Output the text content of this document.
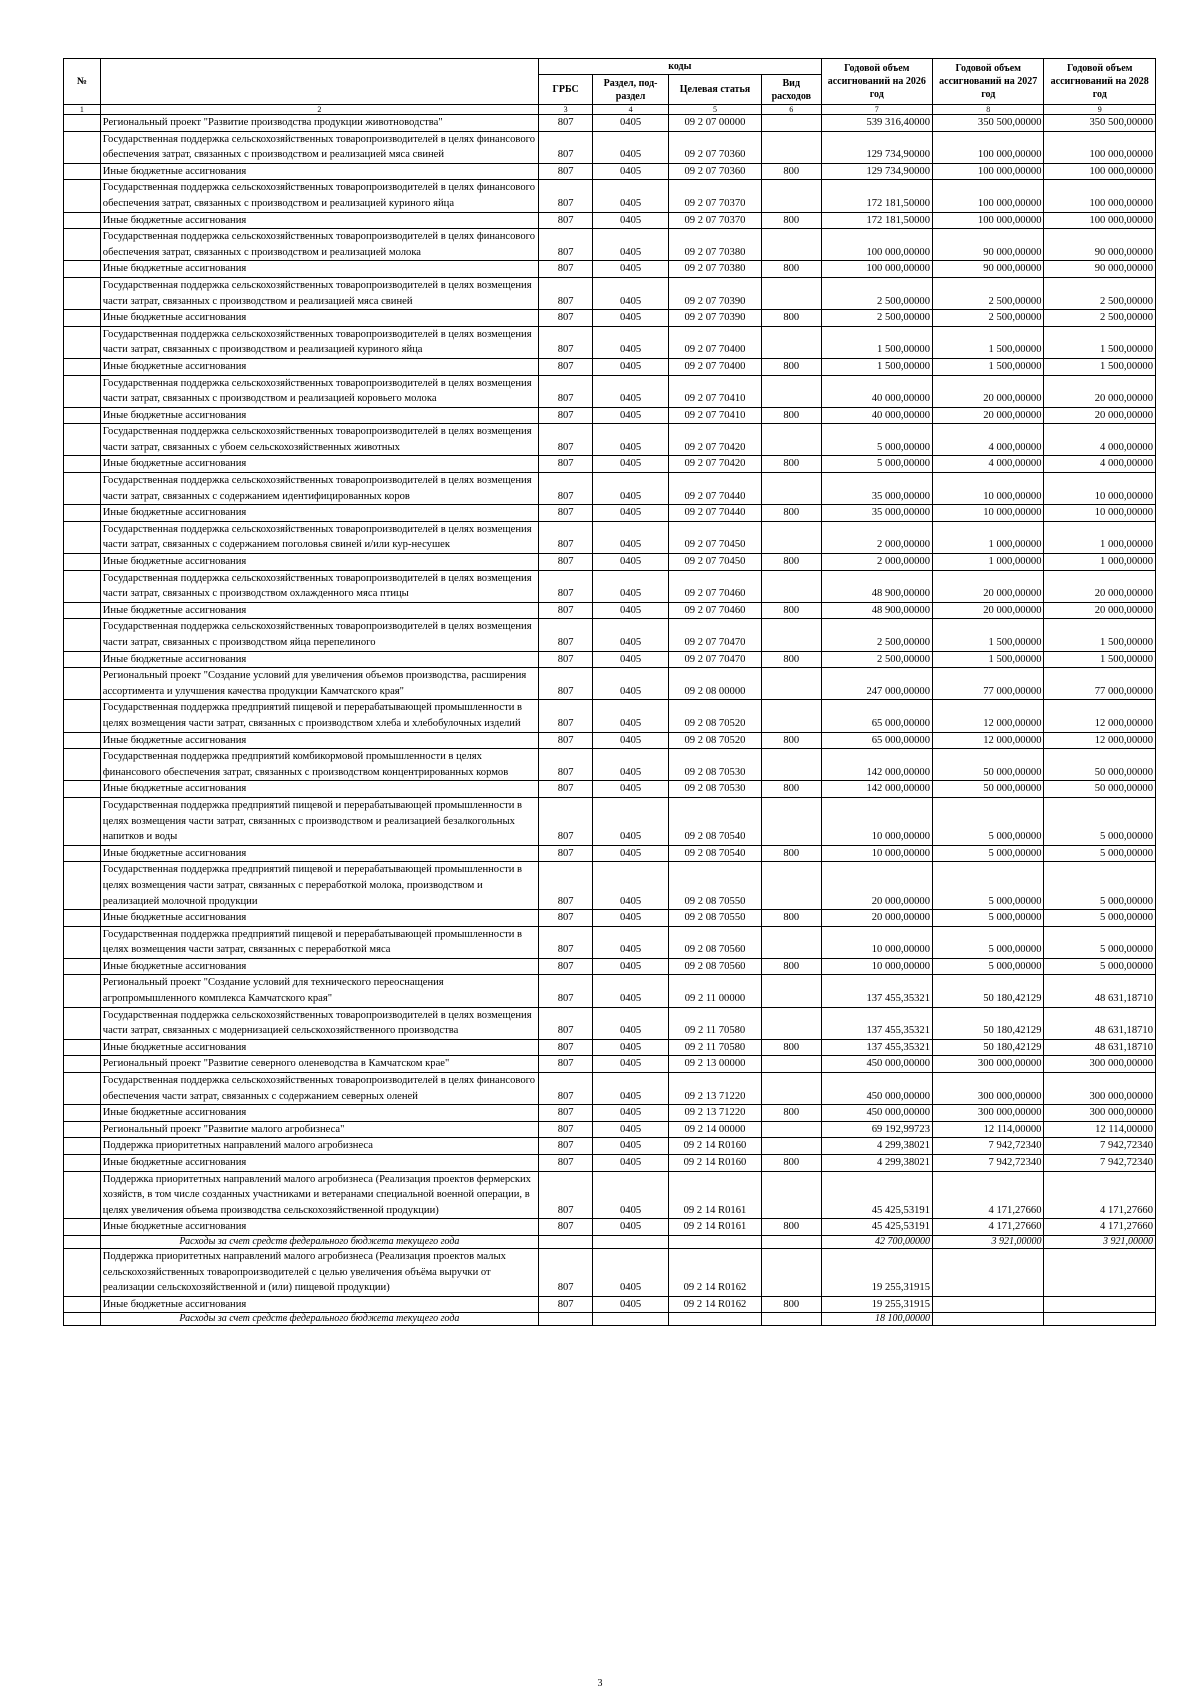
№		коды				Годовой объем ассигнований на 2026 год	Годовой объем ассигнований на 2027 год	Годовой объем ассигнований на 2028 год
		ГРБС	Раздел, под-раздел	Целевая статья	Вид расходов			
1	2	3	4	5	6	7	8	9
	Региональный проект "Развитие производства продукции животноводства"	807	0405	09 2 07 00000		539 316,40000	350 500,00000	350 500,00000
	Государственная поддержка сельскохозяйственных товаропроизводителей в целях финансового обеспечения затрат, связанных с производством и реализацией мяса свиней	807	0405	09 2 07 70360		129 734,90000	100 000,00000	100 000,00000
	Иные бюджетные ассигнования	807	0405	09 2 07 70360	800	129 734,90000	100 000,00000	100 000,00000
	Государственная поддержка сельскохозяйственных товаропроизводителей в целях финансового обеспечения затрат, связанных с производством и реализацией куриного яйца	807	0405	09 2 07 70370		172 181,50000	100 000,00000	100 000,00000
	Иные бюджетные ассигнования	807	0405	09 2 07 70370	800	172 181,50000	100 000,00000	100 000,00000
	Государственная поддержка сельскохозяйственных товаропроизводителей в целях финансового обеспечения затрат, связанных с производством и реализацией молока	807	0405	09 2 07 70380		100 000,00000	90 000,00000	90 000,00000
	Иные бюджетные ассигнования	807	0405	09 2 07 70380	800	100 000,00000	90 000,00000	90 000,00000
	Государственная поддержка сельскохозяйственных товаропроизводителей в целях возмещения части затрат, связанных с производством и реализацией мяса свиней	807	0405	09 2 07 70390		2 500,00000	2 500,00000	2 500,00000
	Иные бюджетные ассигнования	807	0405	09 2 07 70390	800	2 500,00000	2 500,00000	2 500,00000
	Государственная поддержка сельскохозяйственных товаропроизводителей в целях возмещения части затрат, связанных с производством и реализацией куриного яйца	807	0405	09 2 07 70400		1 500,00000	1 500,00000	1 500,00000
	Иные бюджетные ассигнования	807	0405	09 2 07 70400	800	1 500,00000	1 500,00000	1 500,00000
	Государственная поддержка сельскохозяйственных товаропроизводителей в целях возмещения части затрат, связанных с производством и реализацией коровьего молока	807	0405	09 2 07 70410		40 000,00000	20 000,00000	20 000,00000
	Иные бюджетные ассигнования	807	0405	09 2 07 70410	800	40 000,00000	20 000,00000	20 000,00000
	Государственная поддержка сельскохозяйственных товаропроизводителей в целях возмещения части затрат, связанных с убоем сельскохозяйственных животных	807	0405	09 2 07 70420		5 000,00000	4 000,00000	4 000,00000
	Иные бюджетные ассигнования	807	0405	09 2 07 70420	800	5 000,00000	4 000,00000	4 000,00000
	Государственная поддержка сельскохозяйственных товаропроизводителей в целях возмещения части затрат, связанных с содержанием идентифицированных коров	807	0405	09 2 07 70440		35 000,00000	10 000,00000	10 000,00000
	Иные бюджетные ассигнования	807	0405	09 2 07 70440	800	35 000,00000	10 000,00000	10 000,00000
	Государственная поддержка сельскохозяйственных товаропроизводителей в целях возмещения части затрат, связанных с содержанием поголовья свиней и/или кур-несушек	807	0405	09 2 07 70450		2 000,00000	1 000,00000	1 000,00000
	Иные бюджетные ассигнования	807	0405	09 2 07 70450	800	2 000,00000	1 000,00000	1 000,00000
	Государственная поддержка сельскохозяйственных товаропроизводителей в целях возмещения части затрат, связанных с производством охлажденного мяса птицы	807	0405	09 2 07 70460		48 900,00000	20 000,00000	20 000,00000
	Иные бюджетные ассигнования	807	0405	09 2 07 70460	800	48 900,00000	20 000,00000	20 000,00000
	Государственная поддержка сельскохозяйственных товаропроизводителей в целях возмещения части затрат, связанных с производством яйца перепелиного	807	0405	09 2 07 70470		2 500,00000	1 500,00000	1 500,00000
	Иные бюджетные ассигнования	807	0405	09 2 07 70470	800	2 500,00000	1 500,00000	1 500,00000
	Региональный проект "Создание условий для увеличения объемов производства, расширения ассортимента и улучшения качества продукции Камчатского края"	807	0405	09 2 08 00000		247 000,00000	77 000,00000	77 000,00000
	Государственная поддержка предприятий пищевой и перерабатывающей промышленности в целях возмещения части затрат, связанных с производством хлеба и хлебобулочных изделий	807	0405	09 2 08 70520		65 000,00000	12 000,00000	12 000,00000
	Иные бюджетные ассигнования	807	0405	09 2 08 70520	800	65 000,00000	12 000,00000	12 000,00000
	Государственная поддержка предприятий комбикормовой промышленности в целях финансового обеспечения затрат, связанных с производством концентрированных кормов	807	0405	09 2 08 70530		142 000,00000	50 000,00000	50 000,00000
	Иные бюджетные ассигнования	807	0405	09 2 08 70530	800	142 000,00000	50 000,00000	50 000,00000
	Государственная поддержка предприятий пищевой и перерабатывающей промышленности в целях возмещения части затрат, связанных с производством и реализацией безалкогольных напитков и воды	807	0405	09 2 08 70540		10 000,00000	5 000,00000	5 000,00000
	Иные бюджетные ассигнования	807	0405	09 2 08 70540	800	10 000,00000	5 000,00000	5 000,00000
	Государственная поддержка предприятий пищевой и перерабатывающей промышленности в целях возмещения части затрат, связанных с переработкой молока, производством и реализацией молочной продукции	807	0405	09 2 08 70550		20 000,00000	5 000,00000	5 000,00000
	Иные бюджетные ассигнования	807	0405	09 2 08 70550	800	20 000,00000	5 000,00000	5 000,00000
	Государственная поддержка предприятий пищевой и перерабатывающей промышленности в целях возмещения части затрат, связанных с переработкой мяса	807	0405	09 2 08 70560		10 000,00000	5 000,00000	5 000,00000
	Иные бюджетные ассигнования	807	0405	09 2 08 70560	800	10 000,00000	5 000,00000	5 000,00000
	Региональный проект "Создание условий для технического переоснащения агропромышленного комплекса Камчатского края"	807	0405	09 2 11 00000		137 455,35321	50 180,42129	48 631,18710
	Государственная поддержка сельскохозяйственных товаропроизводителей в целях возмещения части затрат, связанных с модернизацией сельскохозяйственного производства	807	0405	09 2 11 70580		137 455,35321	50 180,42129	48 631,18710
	Иные бюджетные ассигнования	807	0405	09 2 11 70580	800	137 455,35321	50 180,42129	48 631,18710
	Региональный проект "Развитие северного оленеводства в Камчатском крае"	807	0405	09 2 13 00000		450 000,00000	300 000,00000	300 000,00000
	Государственная поддержка сельскохозяйственных товаропроизводителей в целях финансового обеспечения части затрат, связанных с содержанием северных оленей	807	0405	09 2 13 71220		450 000,00000	300 000,00000	300 000,00000
	Иные бюджетные ассигнования	807	0405	09 2 13 71220	800	450 000,00000	300 000,00000	300 000,00000
	Региональный проект "Развитие малого агробизнеса"	807	0405	09 2 14 00000		69 192,99723	12 114,00000	12 114,00000
	Поддержка приоритетных направлений малого агробизнеса	807	0405	09 2 14 R0160		4 299,38021	7 942,72340	7 942,72340
	Иные бюджетные ассигнования	807	0405	09 2 14 R0160	800	4 299,38021	7 942,72340	7 942,72340
	Поддержка приоритетных направлений малого агробизнеса (Реализация проектов фермерских хозяйств, в том числе созданных участниками и ветеранами специальной военной операции, в целях увеличения объема производства сельскохозяйственной продукции)	807	0405	09 2 14 R0161		45 425,53191	4 171,27660	4 171,27660
	Иные бюджетные ассигнования	807	0405	09 2 14 R0161	800	45 425,53191	4 171,27660	4 171,27660
	Расходы за счет средств федерального бюджета текущего года					42 700,00000	3 921,00000	3 921,00000
	Поддержка приоритетных направлений малого агробизнеса (Реализация проектов малых сельскохозяйственных товаропроизводителей с целью увеличения объёма выручки от реализации сельскохозяйственной и (или) пищевой продукции)	807	0405	09 2 14 R0162		19 255,31915		
	Иные бюджетные ассигнования	807	0405	09 2 14 R0162	800	19 255,31915		
	Расходы за счет средств федерального бюджета текущего года					18 100,00000		
3
